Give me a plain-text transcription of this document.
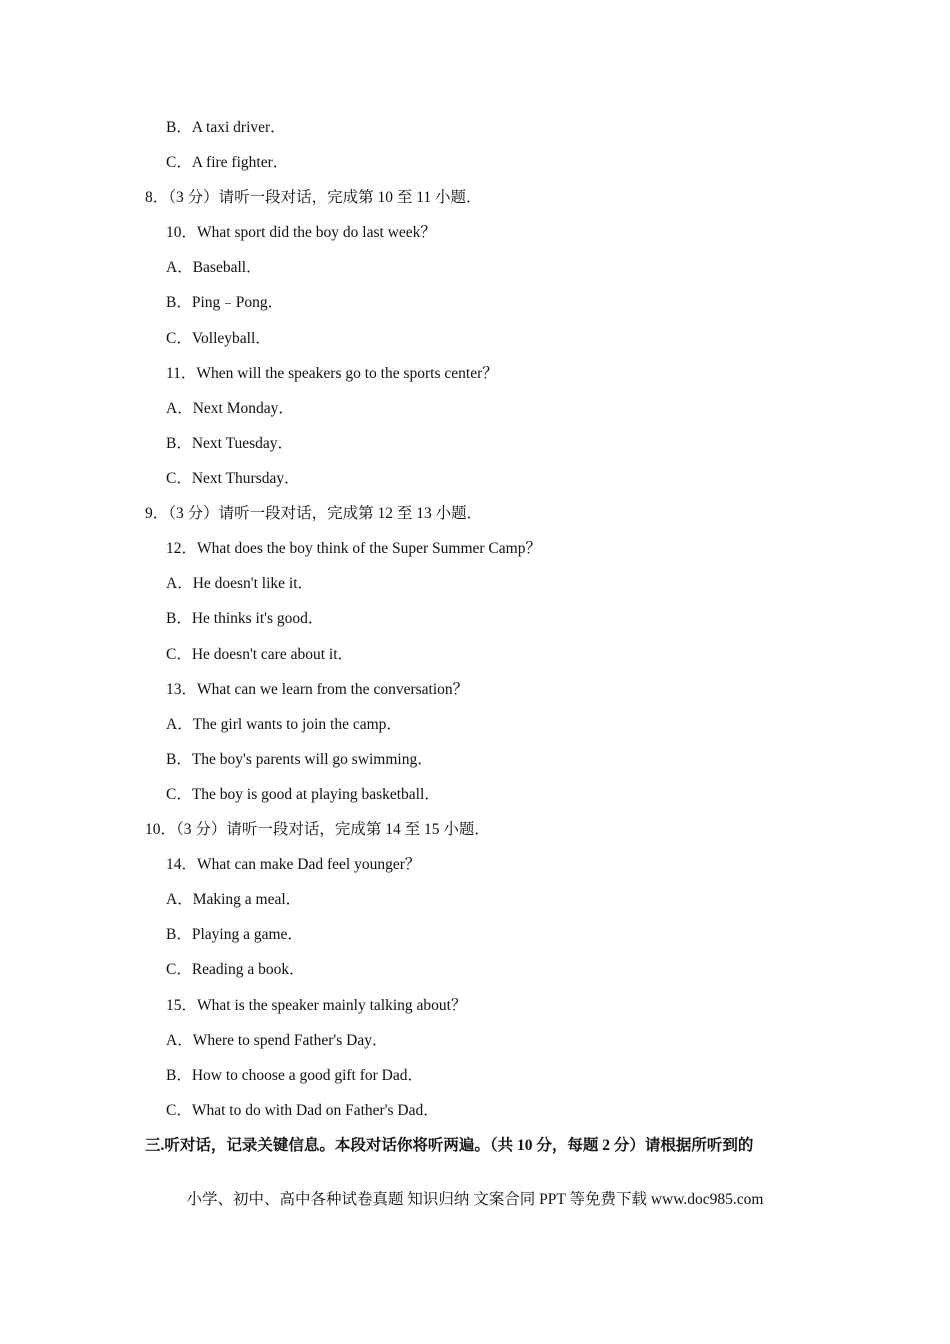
B．A taxi driver．
C．A fire fighter．
8．（3 分）请听一段对话，完成第 10 至 11 小题．
10．What sport did the boy do last week？
A．Baseball．
B．Ping﹣Pong．
C．Volleyball．
11．When will the speakers go to the sports center？
A．Next Monday．
B．Next Tuesday．
C．Next Thursday．
9．（3 分）请听一段对话，完成第 12 至 13 小题．
12．What does the boy think of the Super Summer Camp？
A．He doesn't like it．
B．He thinks it's good．
C．He doesn't care about it．
13．What can we learn from the conversation？
A．The girl wants to join the camp．
B．The boy's parents will go swimming．
C．The boy is good at playing basketball．
10．（3 分）请听一段对话，完成第 14 至 15 小题．
14．What can make Dad feel younger？
A．Making a meal．
B．Playing a game．
C．Reading a book．
15．What is the speaker mainly talking about？
A．Where to spend Father's Day．
B．How to choose a good gift for Dad．
C．What to do with Dad on Father's Dad．
三.听对话，记录关键信息。本段对话你将听两遍。（共 10 分，每题 2 分）请根据所听到的
小学、初中、高中各种试卷真题 知识归纳 文案合同 PPT 等免费下载 www.doc985.com
